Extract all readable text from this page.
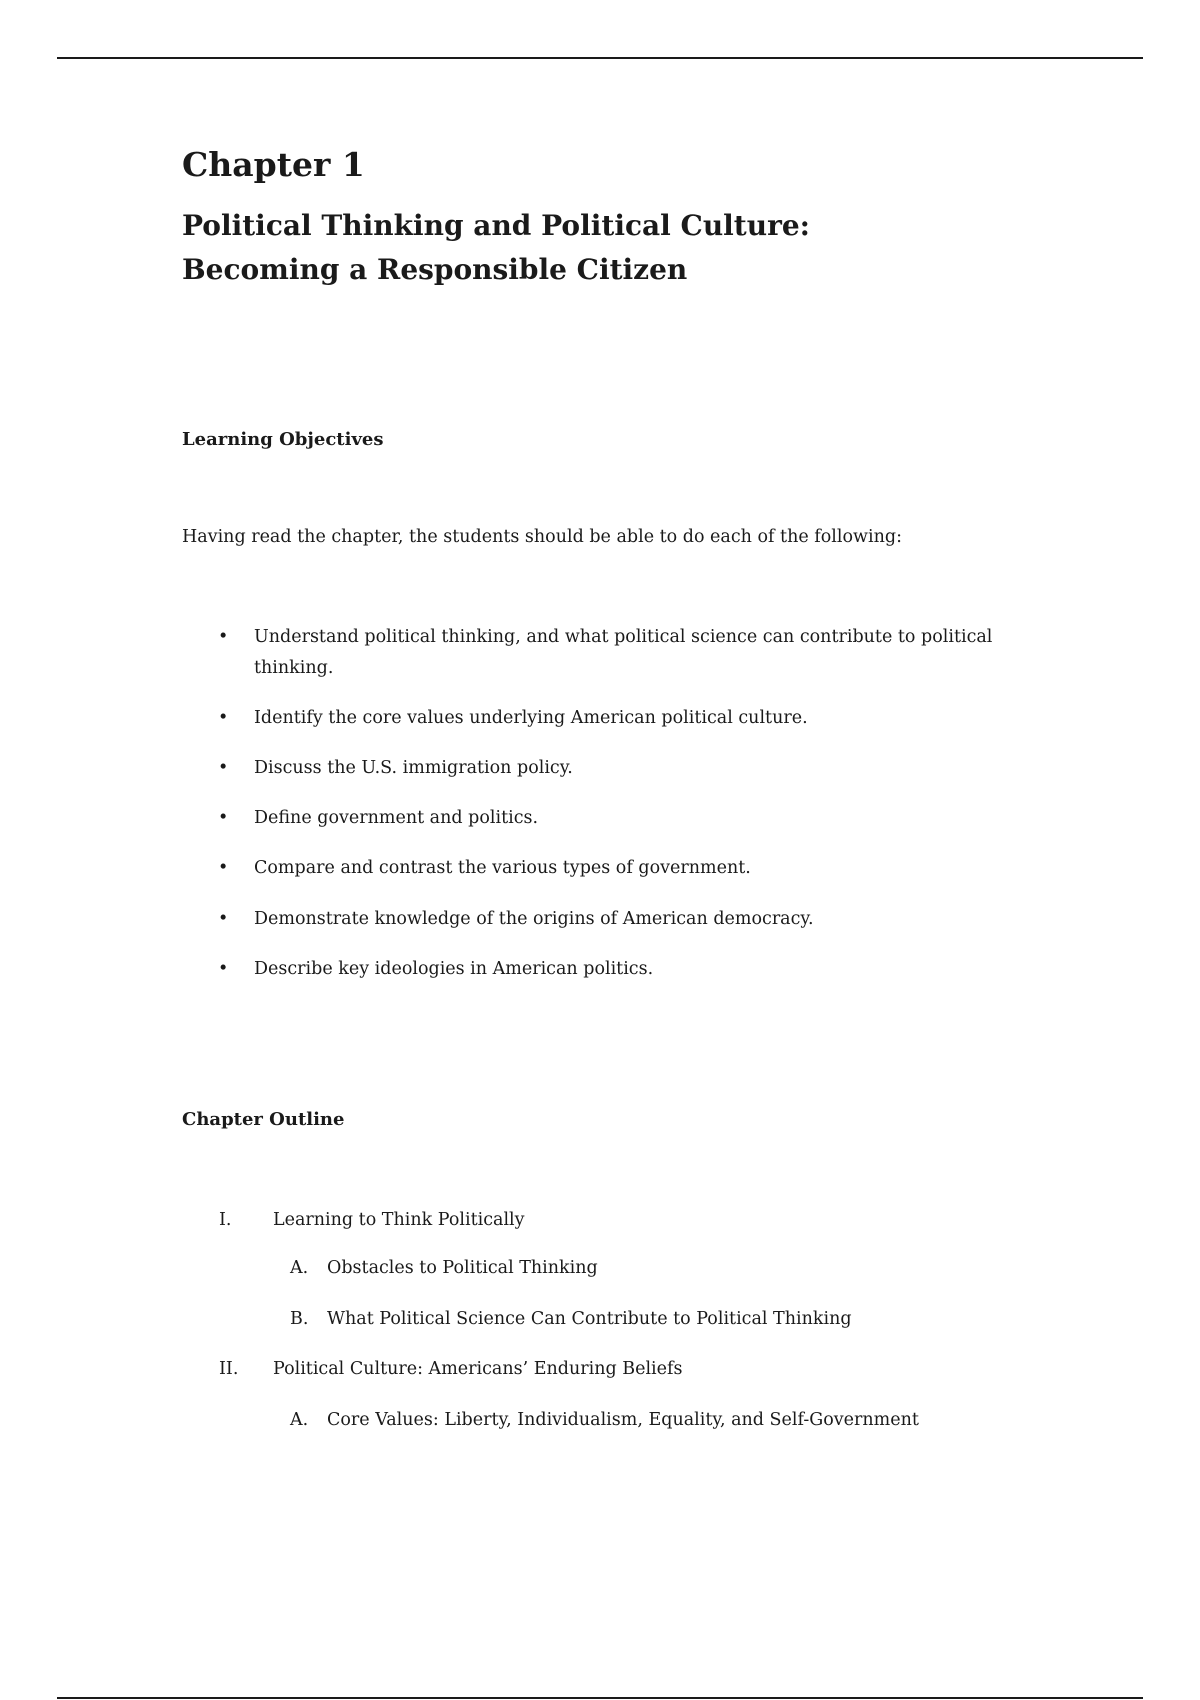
Chapter 1
Political Thinking and Political Culture:
Becoming a Responsible Citizen
Learning Objectives
Having read the chapter, the students should be able to do each of the following:
• Understand political thinking, and what political science can contribute to political thinking.
• Identify the core values underlying American political culture.
• Discuss the U.S. immigration policy.
• Define government and politics.
• Compare and contrast the various types of government.
• Demonstrate knowledge of the origins of American democracy.
• Describe key ideologies in American politics.
Chapter Outline
I. Learning to Think Politically
A. Obstacles to Political Thinking
B. What Political Science Can Contribute to Political Thinking
II. Political Culture: Americans’ Enduring Beliefs
A. Core Values: Liberty, Individualism, Equality, and Self-Government
